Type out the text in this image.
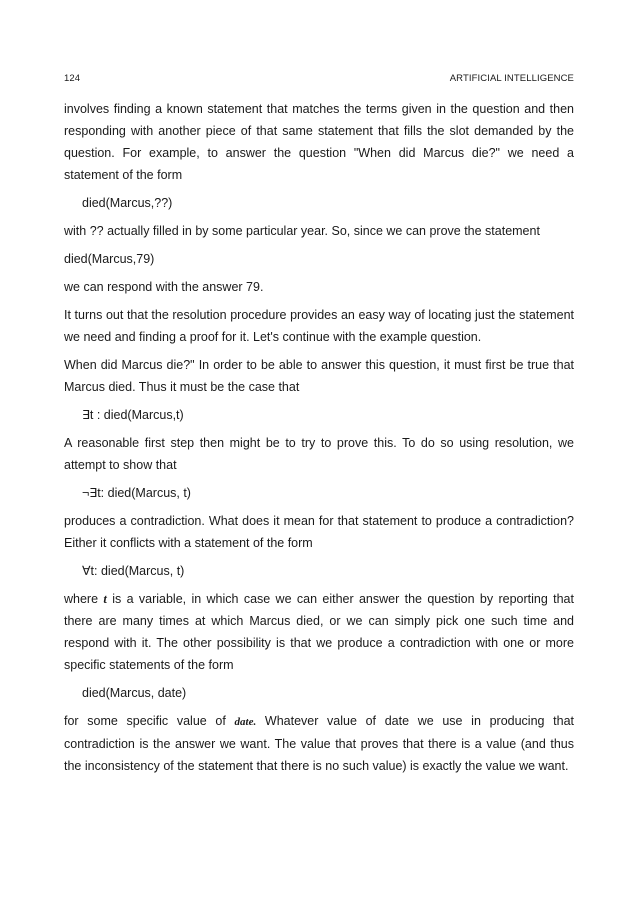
124	ARTIFICIAL INTELLIGENCE

involves finding a known statement that matches the terms given in the question and then responding with another piece of that same statement that fills the slot demanded by the question. For example, to answer the question "When did Marcus die?" we need a statement of the form

died(Marcus,??)

with ?? actually filled in by some particular year. So, since we can prove the statement

died(Marcus,79)

we can respond with the answer 79.

It turns out that the resolution procedure provides an easy way of locating just the statement we need and finding a proof for it. Let's continue with the example question.

When did Marcus die?" In order to be able to answer this question, it must first be true that Marcus died. Thus it must be the case that

∃t : died(Marcus,t)

A reasonable first step then might be to try to prove this. To do so using resolution, we attempt to show that

¬∃t: died(Marcus, t)

produces a contradiction. What does it mean for that statement to produce a contradiction? Either it conflicts with a statement of the form

∀t: died(Marcus, t)

where t is a variable, in which case we can either answer the question by reporting that there are many times at which Marcus died, or we can simply pick one such time and respond with it. The other possibility is that we produce a contradiction with one or more specific statements of the form

died(Marcus, date)

for some specific value of date. Whatever value of date we use in producing that contradiction is the answer we want. The value that proves that there is a value (and thus the inconsistency of the statement that there is no such value) is exactly the value we want.
